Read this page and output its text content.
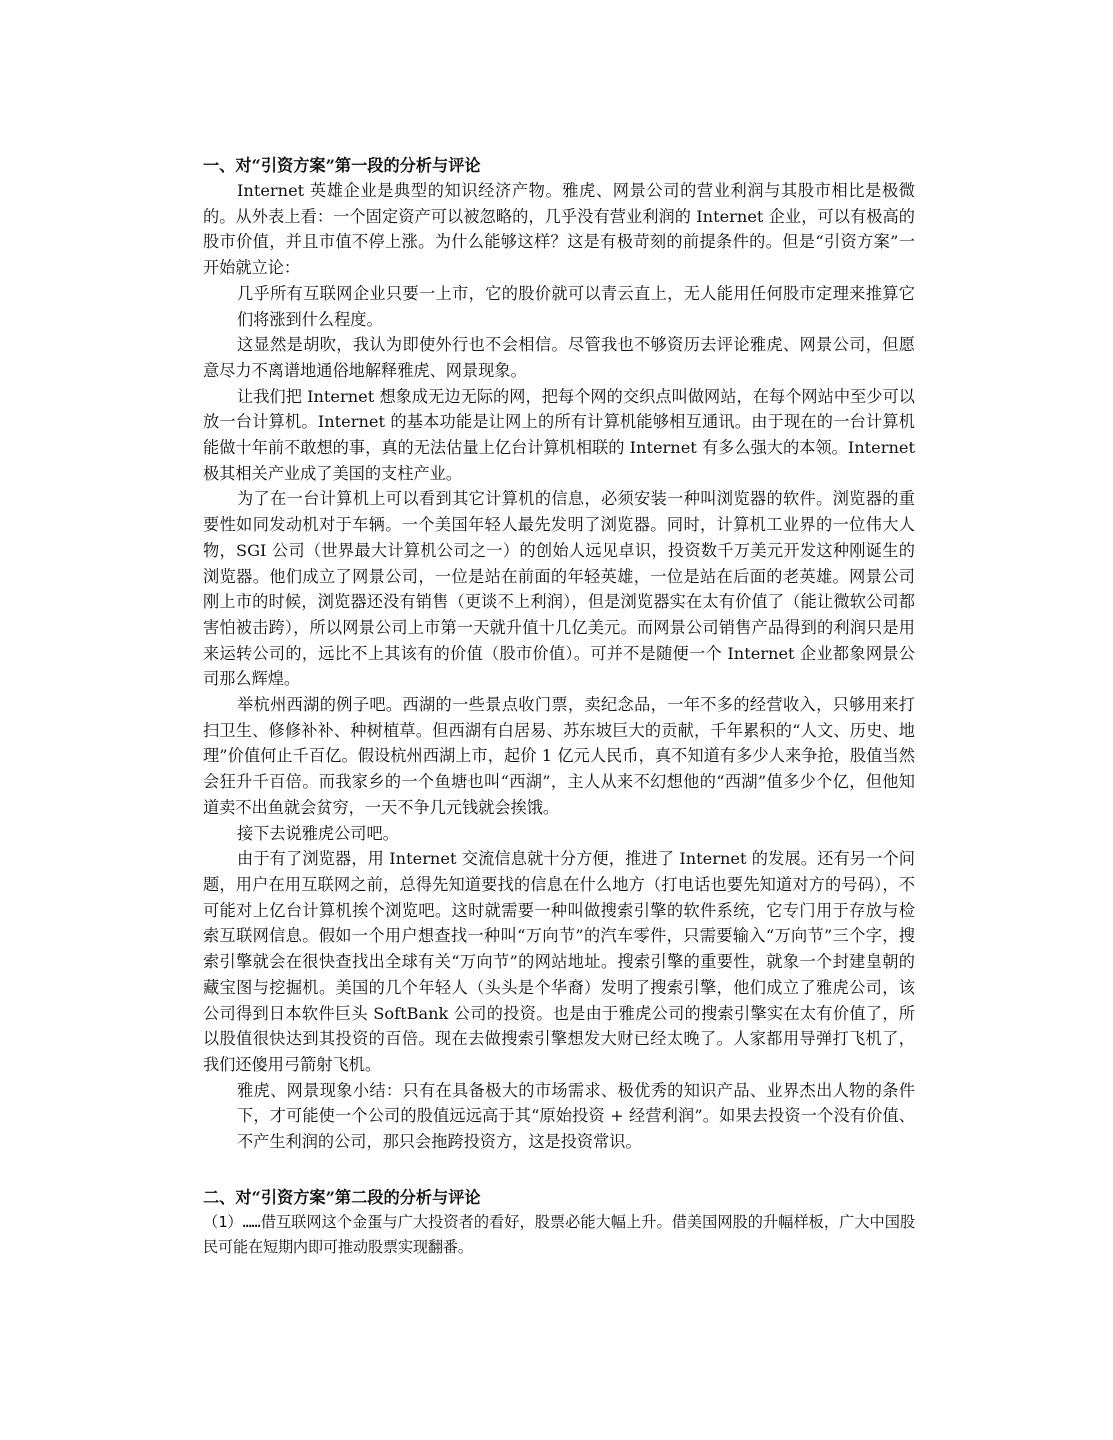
一、对“引资方案”第一段的分析与评论

Internet 英雄企业是典型的知识经济产物。雅虎、网景公司的营业利润与其股市相比是极微的。从外表上看：一个固定资产可以被忽略的，几乎没有营业利润的 Internet 企业，可以有极高的股市价值，并且市值不停上涨。为什么能够这样？这是有极苛刻的前提条件的。但是“引资方案”一开始就立论：

几乎所有互联网企业只要一上市，它的股价就可以青云直上，无人能用任何股市定理来推算它们将涨到什么程度。

这显然是胡吹，我认为即使外行也不会相信。尽管我也不够资历去评论雅虎、网景公司，但愿意尽力不离谱地通俗地解释雅虎、网景现象。

让我们把 Internet 想象成无边无际的网，把每个网的交织点叫做网站，在每个网站中至少可以放一台计算机。Internet 的基本功能是让网上的所有计算机能够相互通讯。由于现在的一台计算机能做十年前不敢想的事，真的无法估量上亿台计算机相联的 Internet 有多么强大的本领。Internet 极其相关产业成了美国的支柱产业。

为了在一台计算机上可以看到其它计算机的信息，必须安装一种叫浏览器的软件。浏览器的重要性如同发动机对于车辆。一个美国年轻人最先发明了浏览器。同时，计算机工业界的一位伟大人物，SGI 公司（世界最大计算机公司之一）的创始人远见卓识，投资数千万美元开发这种刚诞生的浏览器。他们成立了网景公司，一位是站在前面的年轻英雄，一位是站在后面的老英雄。网景公司刚上市的时候，浏览器还没有销售（更谈不上利润），但是浏览器实在太有价值了（能让微软公司都害怕被击跨），所以网景公司上市第一天就升值十几亿美元。而网景公司销售产品得到的利润只是用来运转公司的，远比不上其该有的价值（股市价值）。可并不是随便一个 Internet 企业都象网景公司那么辉煌。

举杭州西湖的例子吧。西湖的一些景点收门票，卖纪念品，一年不多的经营收入，只够用来打扫卫生、修修补补、种树植草。但西湖有白居易、苏东坡巨大的贡献，千年累积的“人文、历史、地理”价值何止千百亿。假设杭州西湖上市，起价 1 亿元人民币，真不知道有多少人来争抢，股值当然会狂升千百倍。而我家乡的一个鱼塘也叫“西湖”，主人从来不幻想他的“西湖”值多少个亿，但他知道卖不出鱼就会贫穷，一天不争几元钱就会挨饿。

接下去说雅虎公司吧。

由于有了浏览器，用 Internet 交流信息就十分方便，推进了 Internet 的发展。还有另一个问题，用户在用互联网之前，总得先知道要找的信息在什么地方（打电话也要先知道对方的号码），不可能对上亿台计算机挨个浏览吧。这时就需要一种叫做搜索引擎的软件系统，它专门用于存放与检索互联网信息。假如一个用户想查找一种叫“万向节”的汽车零件，只需要输入“万向节”三个字，搜索引擎就会在很快查找出全球有关“万向节”的网站地址。搜索引擎的重要性，就象一个封建皇朝的藏宝图与挖掘机。美国的几个年轻人（头头是个华裔）发明了搜索引擎，他们成立了雅虎公司，该公司得到日本软件巨头 SoftBank 公司的投资。也是由于雅虎公司的搜索引擎实在太有价值了，所以股值很快达到其投资的百倍。现在去做搜索引擎想发大财已经太晚了。人家都用导弹打飞机了，我们还傻用弓箭射飞机。

雅虎、网景现象小结：只有在具备极大的市场需求、极优秀的知识产品、业界杰出人物的条件下，才可能使一个公司的股值远远高于其“原始投资 + 经营利润”。如果去投资一个没有价值、不产生利润的公司，那只会拖跨投资方，这是投资常识。

二、对“引资方案”第二段的分析与评论

（1）……借互联网这个金蛋与广大投资者的看好，股票必能大幅上升。借美国网股的升幅样板，广大中国股民可能在短期内即可推动股票实现翻番。
